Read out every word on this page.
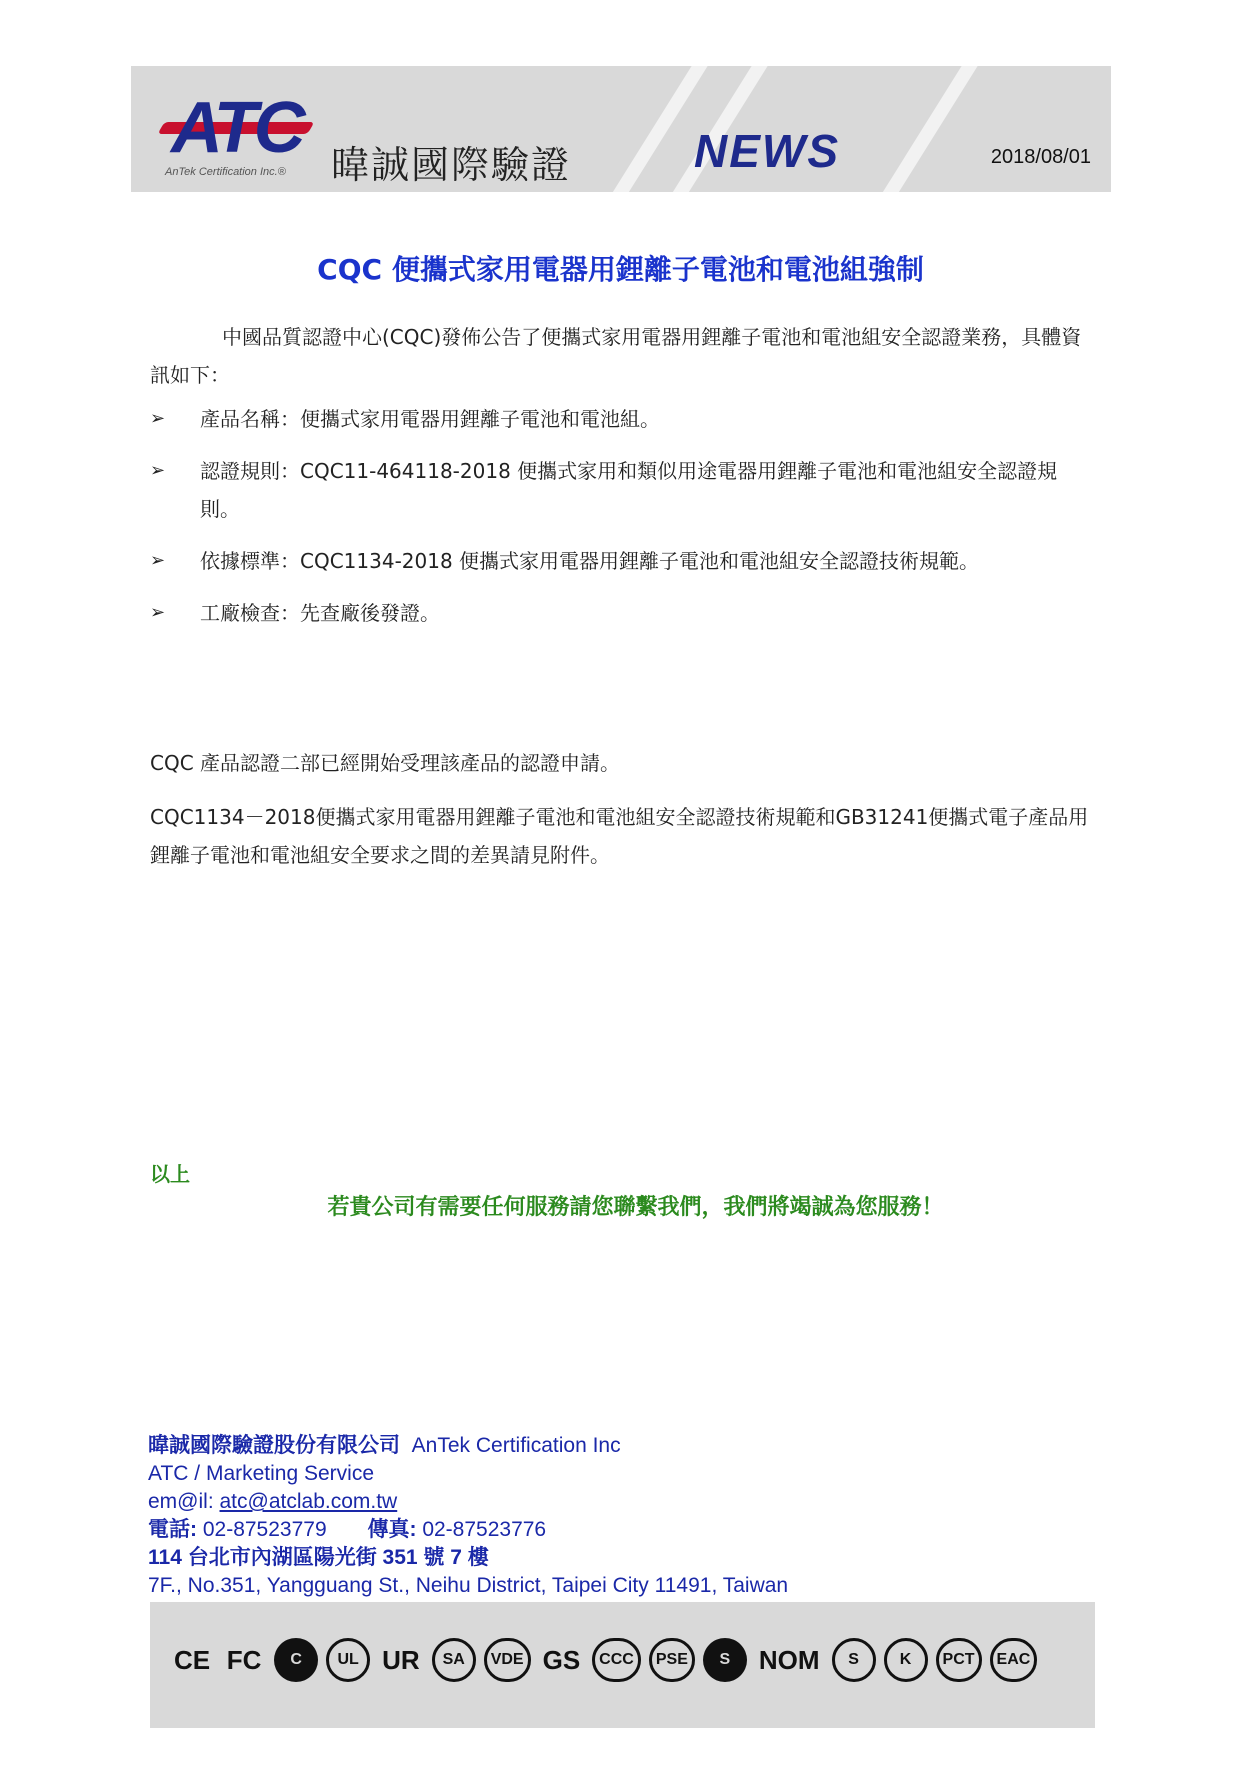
ATC
AnTek Certification Inc.® 暐誠國際驗證	NEWS	2018/08/01
CQC 便攜式家用電器用鋰離子電池和電池組強制
中國品質認證中心(CQC)發佈公告了便攜式家用電器用鋰離子電池和電池組安全認證業務，具體資訊如下：
➢ 產品名稱：便攜式家用電器用鋰離子電池和電池組。
➢ 認證規則：CQC11-464118-2018 便攜式家用和類似用途電器用鋰離子電池和電池組安全認證規則。
➢ 依據標準：CQC1134-2018 便攜式家用電器用鋰離子電池和電池組安全認證技術規範。
➢ 工廠檢查：先查廠後發證。
CQC 產品認證二部已經開始受理該產品的認證申請。
CQC1134－2018便攜式家用電器用鋰離子電池和電池組安全認證技術規範和GB31241便攜式電子產品用鋰離子電池和電池組安全要求之間的差異請見附件。
以上
若貴公司有需要任何服務請您聯繫我們，我們將竭誠為您服務！
暐誠國際驗證股份有限公司 AnTek Certification Inc
ATC / Marketing Service
em@il: atc@atclab.com.tw
電話: 02-87523779 傳真: 02-87523776
114 台北市內湖區陽光街 351 號 7 樓
7F., No.351, Yangguang St., Neihu District, Taipei City 11491, Taiwan
CE FC	C	UL UR	SA	VDE GS	CCC	PSE	S	NOM	S	K	PCT	EAC
